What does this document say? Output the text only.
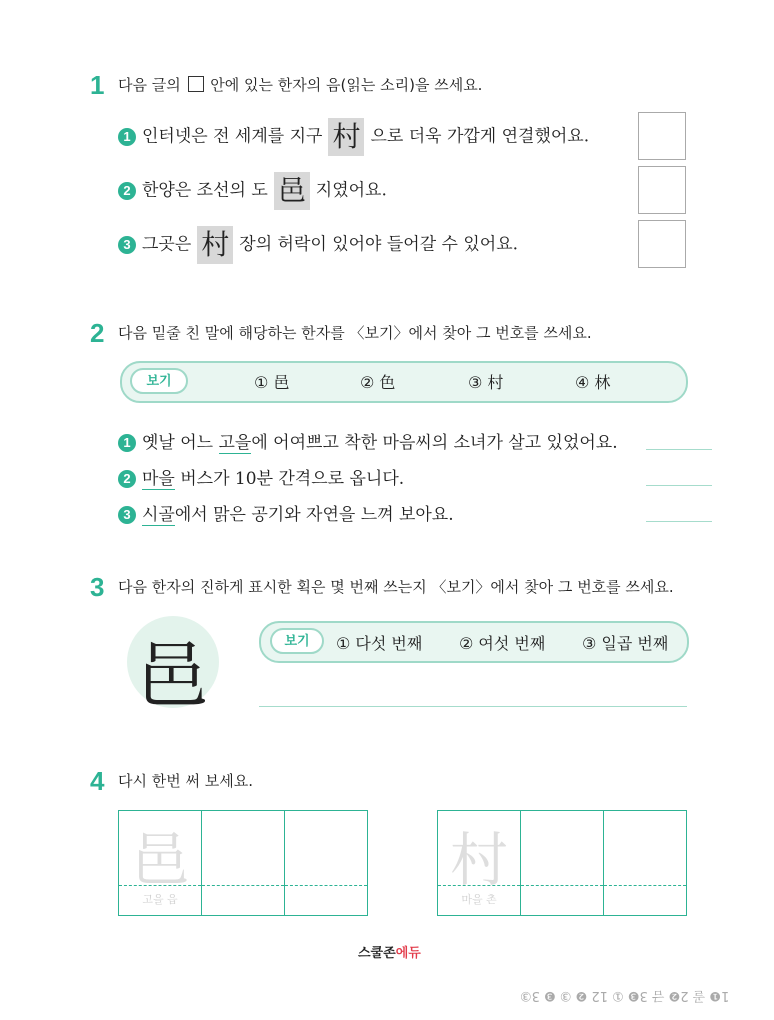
1 다음 글의 안에 있는 한자의 음(읽는 소리)을 쓰세요.
1 인터넷은 전 세계를 지구 村 으로 더욱 가깝게 연결했어요.
2 한양은 조선의 도 邑 지였어요.
3 그곳은 村 장의 허락이 있어야 들어갈 수 있어요.
2 다음 밑줄 친 말에 해당하는 한자를 〈보기〉에서 찾아 그 번호를 쓰세요.
보기	① 邑	② 色	③ 村	④ 林
1 옛날 어느 고을에 어여쁘고 착한 마음씨의 소녀가 살고 있었어요.
2 마을 버스가 10분 간격으로 옵니다.
3 시골에서 맑은 공기와 자연을 느껴 보아요.
3 다음 한자의 진하게 표시한 획은 몇 번째 쓰는지 〈보기〉에서 찾아 그 번호를 쓰세요.
邑	보기	① 다섯 번째 ② 여섯 번째 ③ 일곱 번째
4 다시 한번 써 보세요.
邑
고을 읍
村
마을 촌
스쿨존에듀
1❶ 골 2❷ 금 3❸ ① 12 ❷ ③ ❸ 3③
